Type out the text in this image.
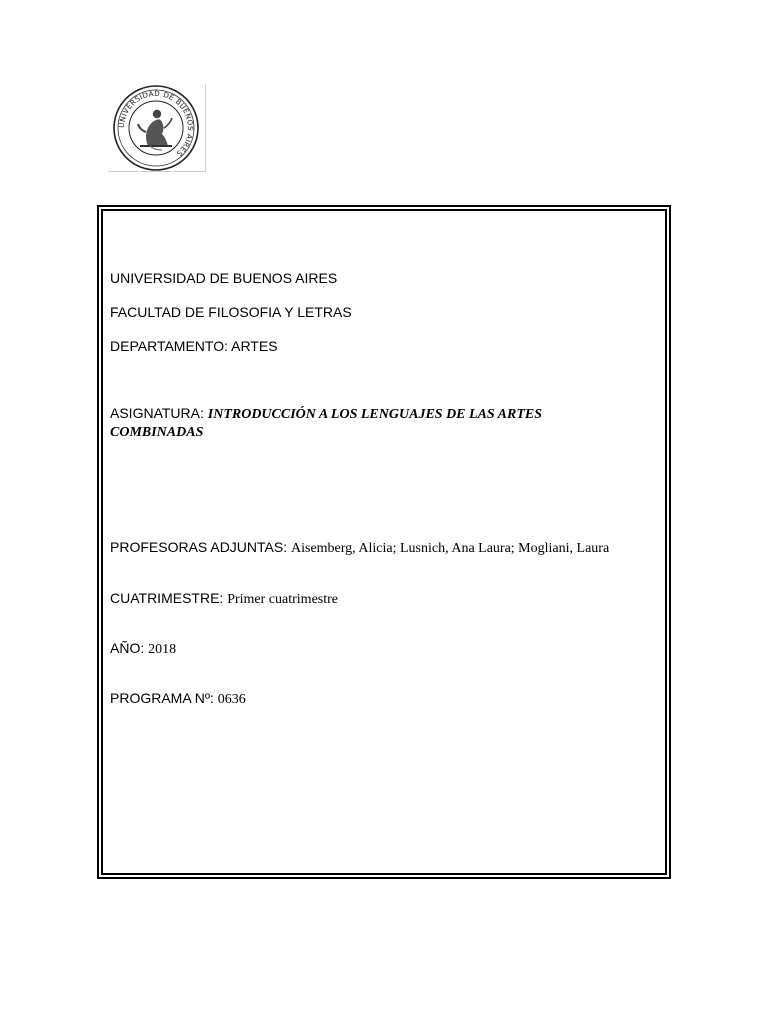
UNIVERSIDAD DE BUENOS AIRES
UNIVERSIDAD DE BUENOS AIRES
FACULTAD DE FILOSOFIA Y LETRAS
DEPARTAMENTO: ARTES
ASIGNATURA: INTRODUCCIÓN A LOS LENGUAJES DE LAS ARTES
COMBINADAS
PROFESORAS ADJUNTAS: Aisemberg, Alicia; Lusnich, Ana Laura; Mogliani, Laura
CUATRIMESTRE: Primer cuatrimestre
AÑO: 2018
PROGRAMA Nº: 0636
